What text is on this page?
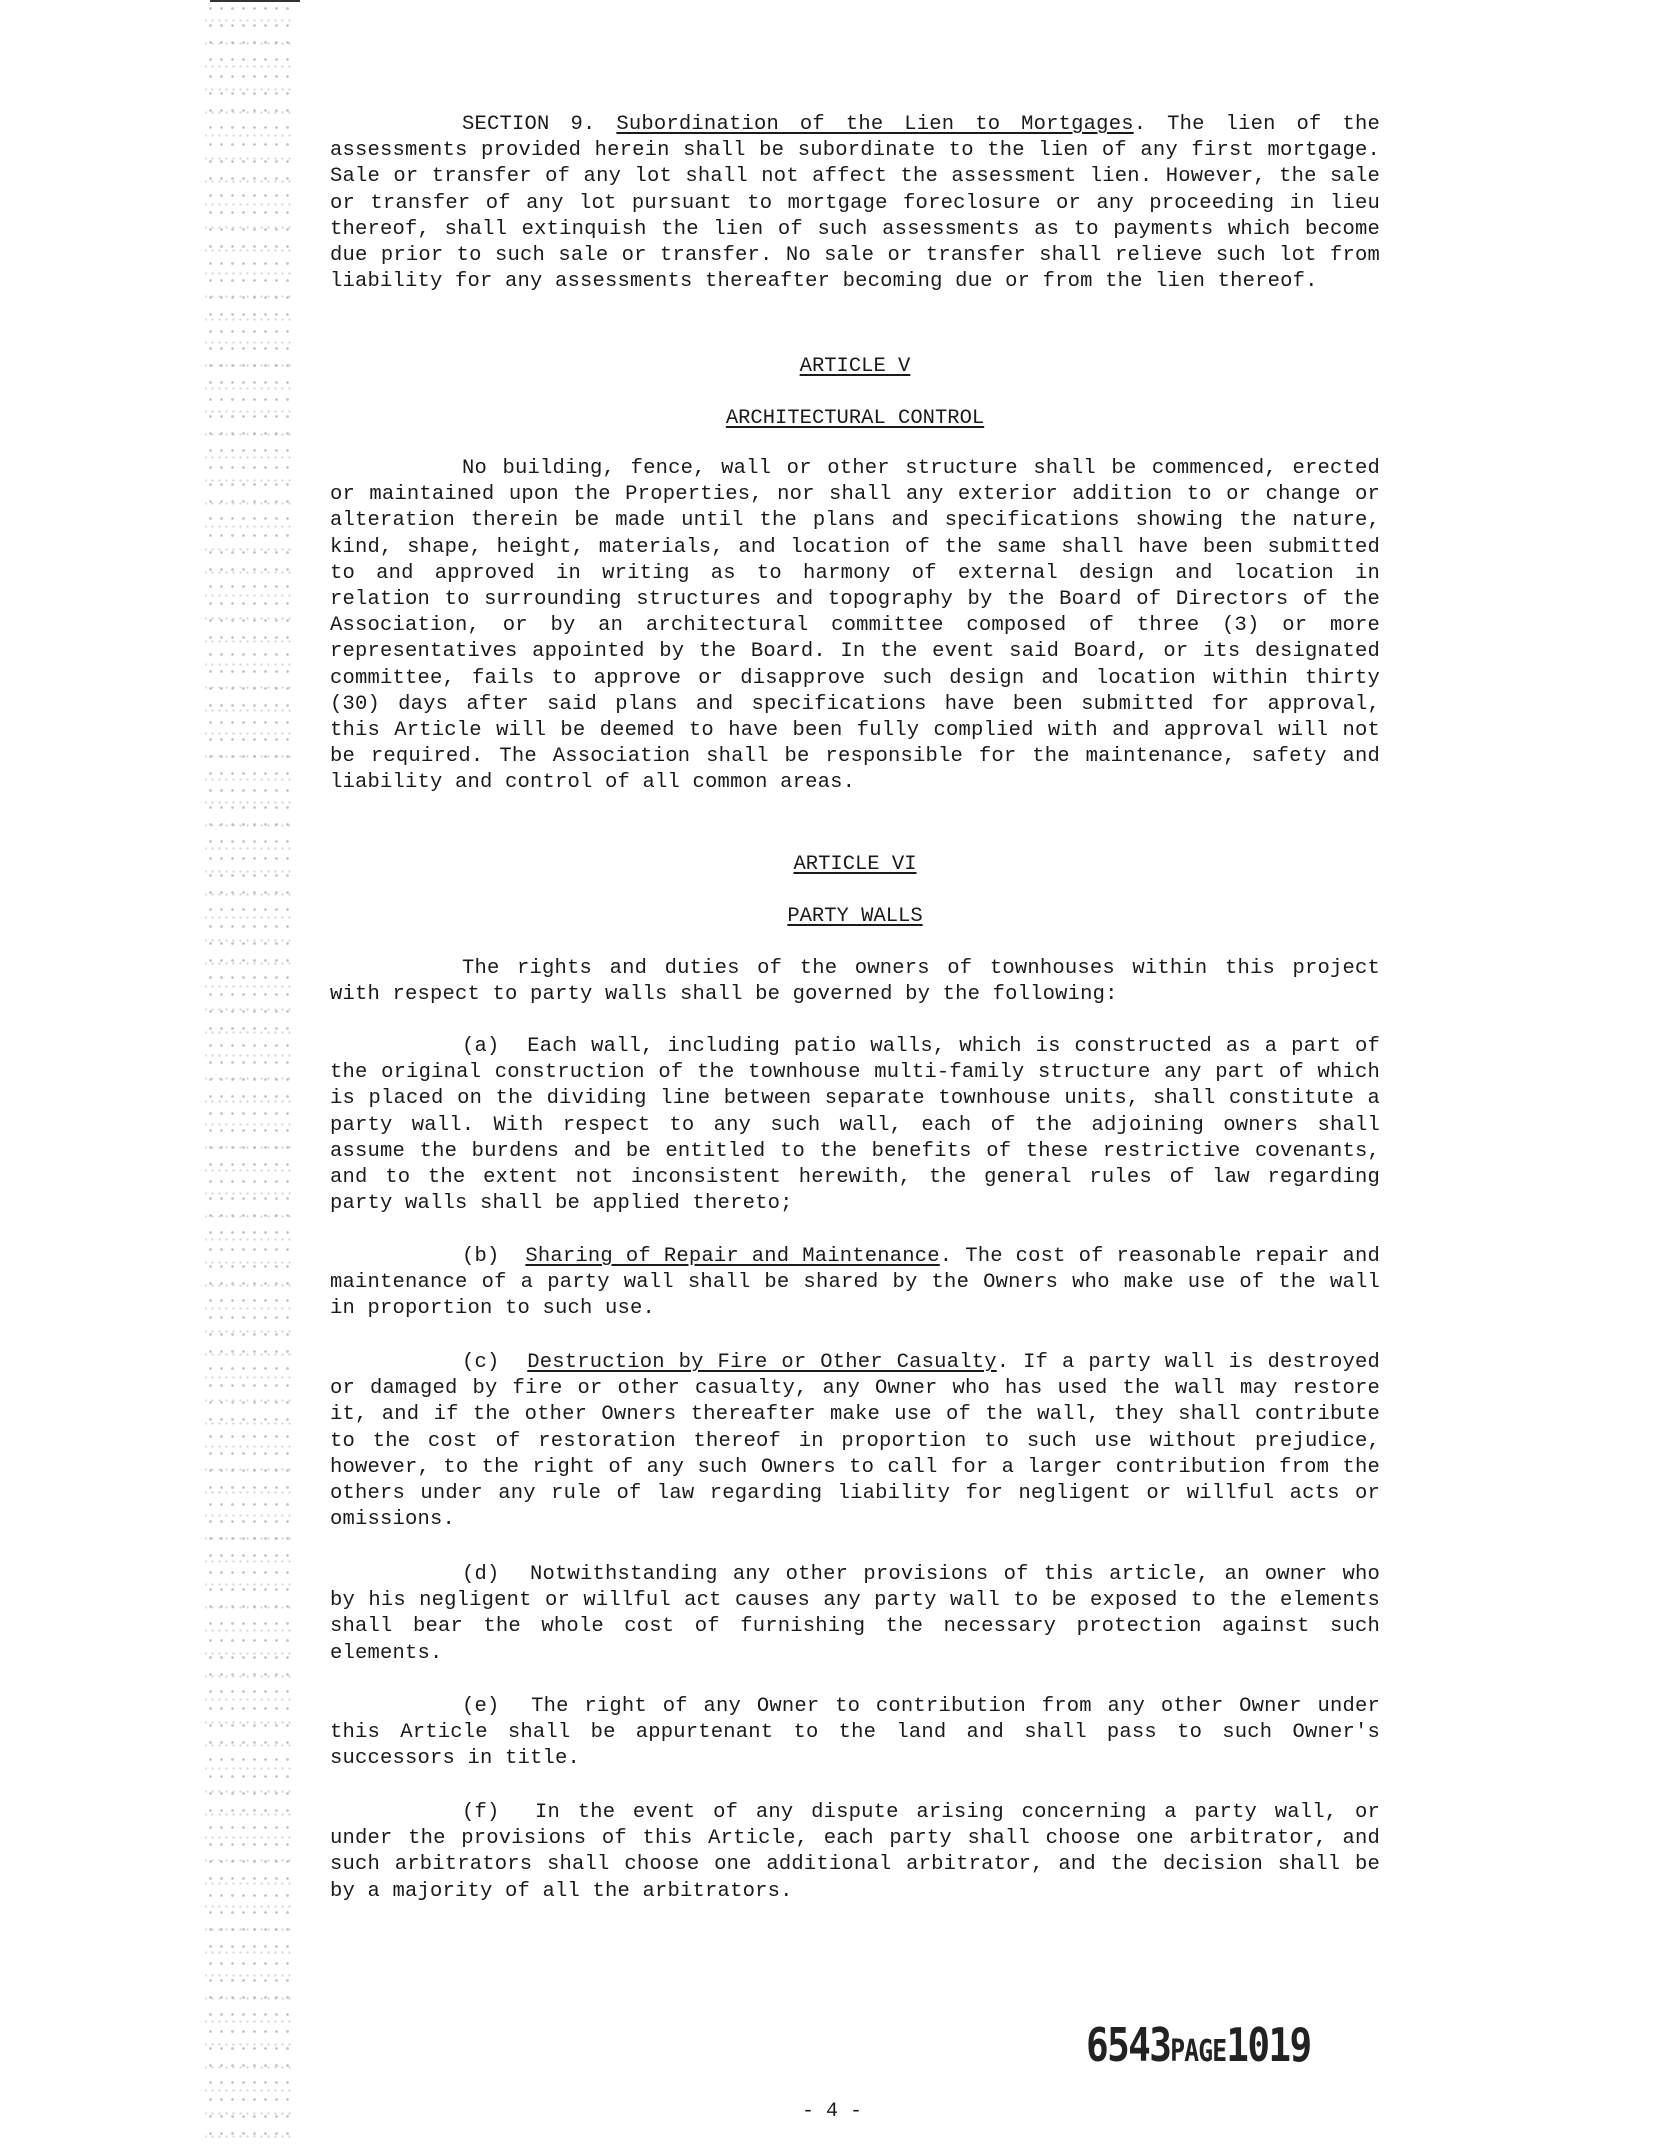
SECTION 9. Subordination of the Lien to Mortgages. The lien of the assessments provided herein shall be subordinate to the lien of any first mortgage. Sale or transfer of any lot shall not affect the assessment lien. However, the sale or transfer of any lot pursuant to mortgage foreclosure or any proceeding in lieu thereof, shall extinquish the lien of such assessments as to payments which become due prior to such sale or transfer. No sale or transfer shall relieve such lot from liability for any assessments thereafter becoming due or from the lien thereof.

ARTICLE V
ARCHITECTURAL CONTROL

No building, fence, wall or other structure shall be commenced, erected or maintained upon the Properties, nor shall any exterior addition to or change or alteration therein be made until the plans and specifications showing the nature, kind, shape, height, materials, and location of the same shall have been submitted to and approved in writing as to harmony of external design and location in relation to surrounding structures and topography by the Board of Directors of the Association, or by an architectural committee composed of three (3) or more representatives appointed by the Board. In the event said Board, or its designated committee, fails to approve or disapprove such design and location within thirty (30) days after said plans and specifications have been submitted for approval, this Article will be deemed to have been fully complied with and approval will not be required. The Association shall be responsible for the maintenance, safety and liability and control of all common areas.

ARTICLE VI
PARTY WALLS

The rights and duties of the owners of townhouses within this project with respect to party walls shall be governed by the following:

(a) Each wall, including patio walls, which is constructed as a part of the original construction of the townhouse multi-family structure any part of which is placed on the dividing line between separate townhouse units, shall constitute a party wall. With respect to any such wall, each of the adjoining owners shall assume the burdens and be entitled to the benefits of these restrictive covenants, and to the extent not inconsistent herewith, the general rules of law regarding party walls shall be applied thereto;

(b) Sharing of Repair and Maintenance. The cost of reasonable repair and maintenance of a party wall shall be shared by the Owners who make use of the wall in proportion to such use.

(c) Destruction by Fire or Other Casualty. If a party wall is destroyed or damaged by fire or other casualty, any Owner who has used the wall may restore it, and if the other Owners thereafter make use of the wall, they shall contribute to the cost of restoration thereof in proportion to such use without prejudice, however, to the right of any such Owners to call for a larger contribution from the others under any rule of law regarding liability for negligent or willful acts or omissions.

(d) Notwithstanding any other provisions of this article, an owner who by his negligent or willful act causes any party wall to be exposed to the elements shall bear the whole cost of furnishing the necessary protection against such elements.

(e) The right of any Owner to contribution from any other Owner under this Article shall be appurtenant to the land and shall pass to such Owner's successors in title.

(f) In the event of any dispute arising concerning a party wall, or under the provisions of this Article, each party shall choose one arbitrator, and such arbitrators shall choose one additional arbitrator, and the decision shall be by a majority of all the arbitrators.

6543PAGE1019
- 4 -
